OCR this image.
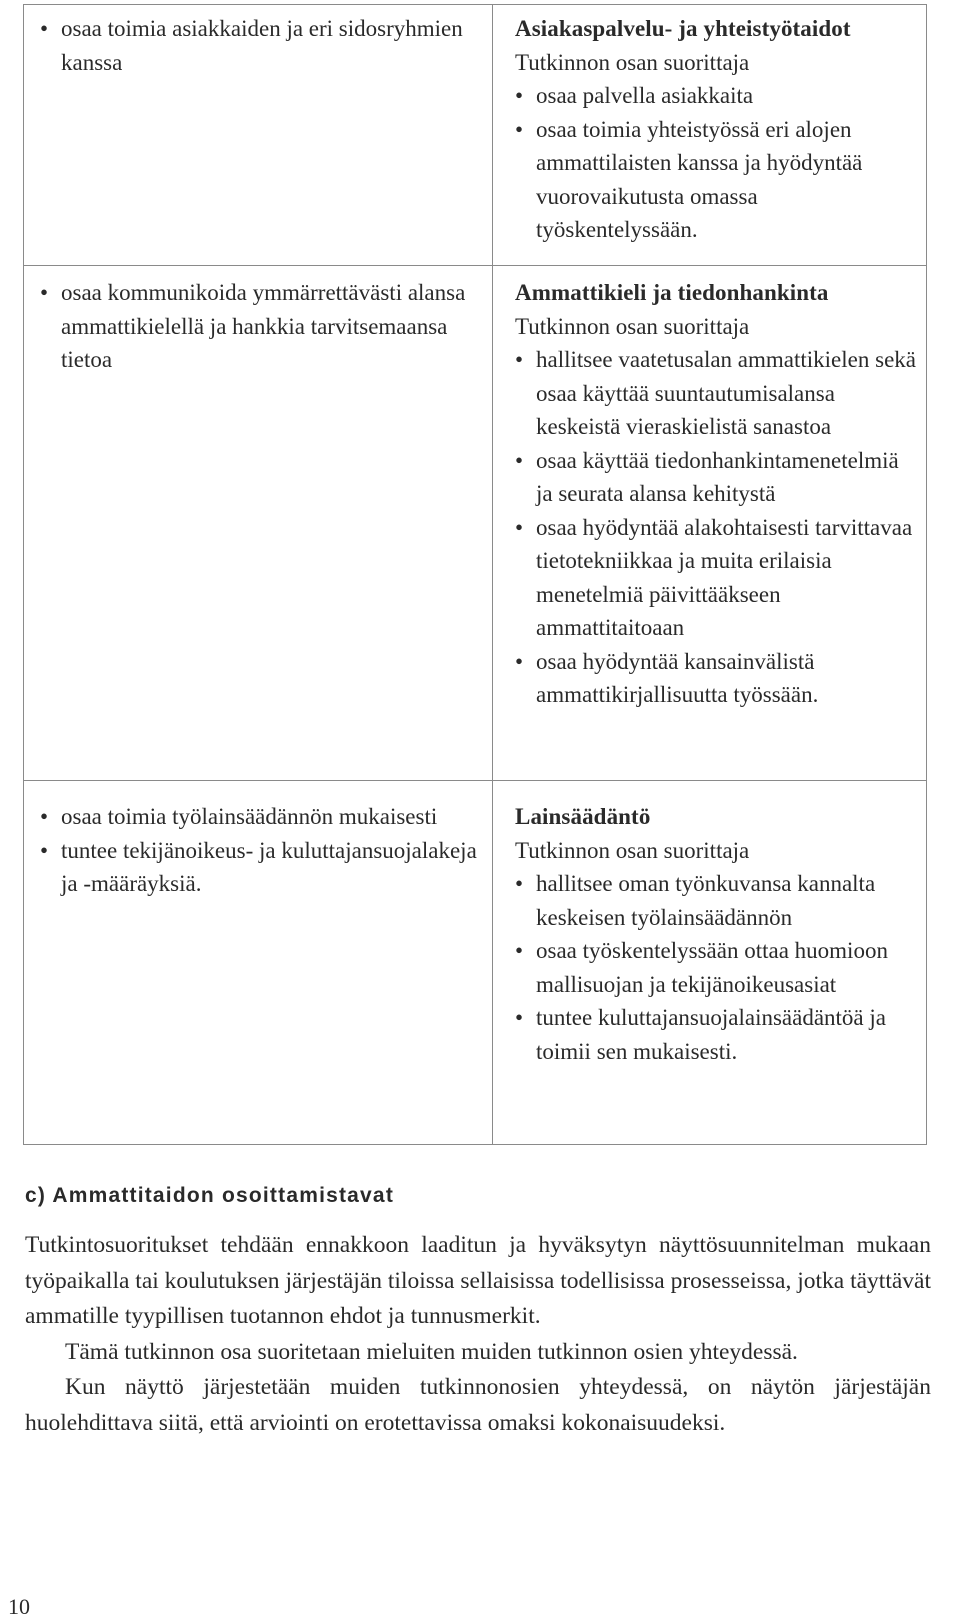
• osaa toimia asiakkaiden ja eri sidosryhmien kanssa
Asiakaspalvelu- ja yhteistyötaidot
Tutkinnon osan suorittaja
• osaa palvella asiakkaita
• osaa toimia yhteistyössä eri alojen ammattilaisten kanssa ja hyödyntää vuorovaikutusta omassa työskentelyssään.
• osaa kommunikoida ymmärrettävästi alansa ammattikielellä ja hankkia tarvitsemaansa tietoa
Ammattikieli ja tiedonhankinta
Tutkinnon osan suorittaja
• hallitsee vaatetusalan ammattikielen sekä osaa käyttää suuntautumisalansa keskeistä vieraskielistä sanastoa
• osaa käyttää tiedonhankintamenetelmiä ja seurata alansa kehitystä
• osaa hyödyntää alakohtaisesti tarvittavaa tietotekniikkaa ja muita erilaisia menetelmiä päivittääkseen ammattitaitoaan
• osaa hyödyntää kansainvälistä ammattikirjallisuutta työssään.
• osaa toimia työlainsäädännön mukaisesti
• tuntee tekijänoikeus- ja kuluttajansuojalakeja ja -määräyksiä.
Lainsäädäntö
Tutkinnon osan suorittaja
• hallitsee oman työnkuvansa kannalta keskeisen työlainsäädännön
• osaa työskentelyssään ottaa huomioon mallisuojan ja tekijänoikeusasiat
• tuntee kuluttajansuojalainsäädäntöä ja toimii sen mukaisesti.
c) Ammattitaidon osoittamistavat

Tutkintosuoritukset tehdään ennakkoon laaditun ja hyväksytyn näyttösuunnitelman mukaan työpaikalla tai koulutuksen järjestäjän tiloissa sellaisissa todellisissa prosesseissa, jotka täyttävät ammatille tyypillisen tuotannon ehdot ja tunnusmerkit.

Tämä tutkinnon osa suoritetaan mieluiten muiden tutkinnon osien yhteydessä.

Kun näyttö järjestetään muiden tutkinnonosien yhteydessä, on näytön järjestäjän huolehdittava siitä, että arviointi on erotettavissa omaksi kokonaisuudeksi.

10
